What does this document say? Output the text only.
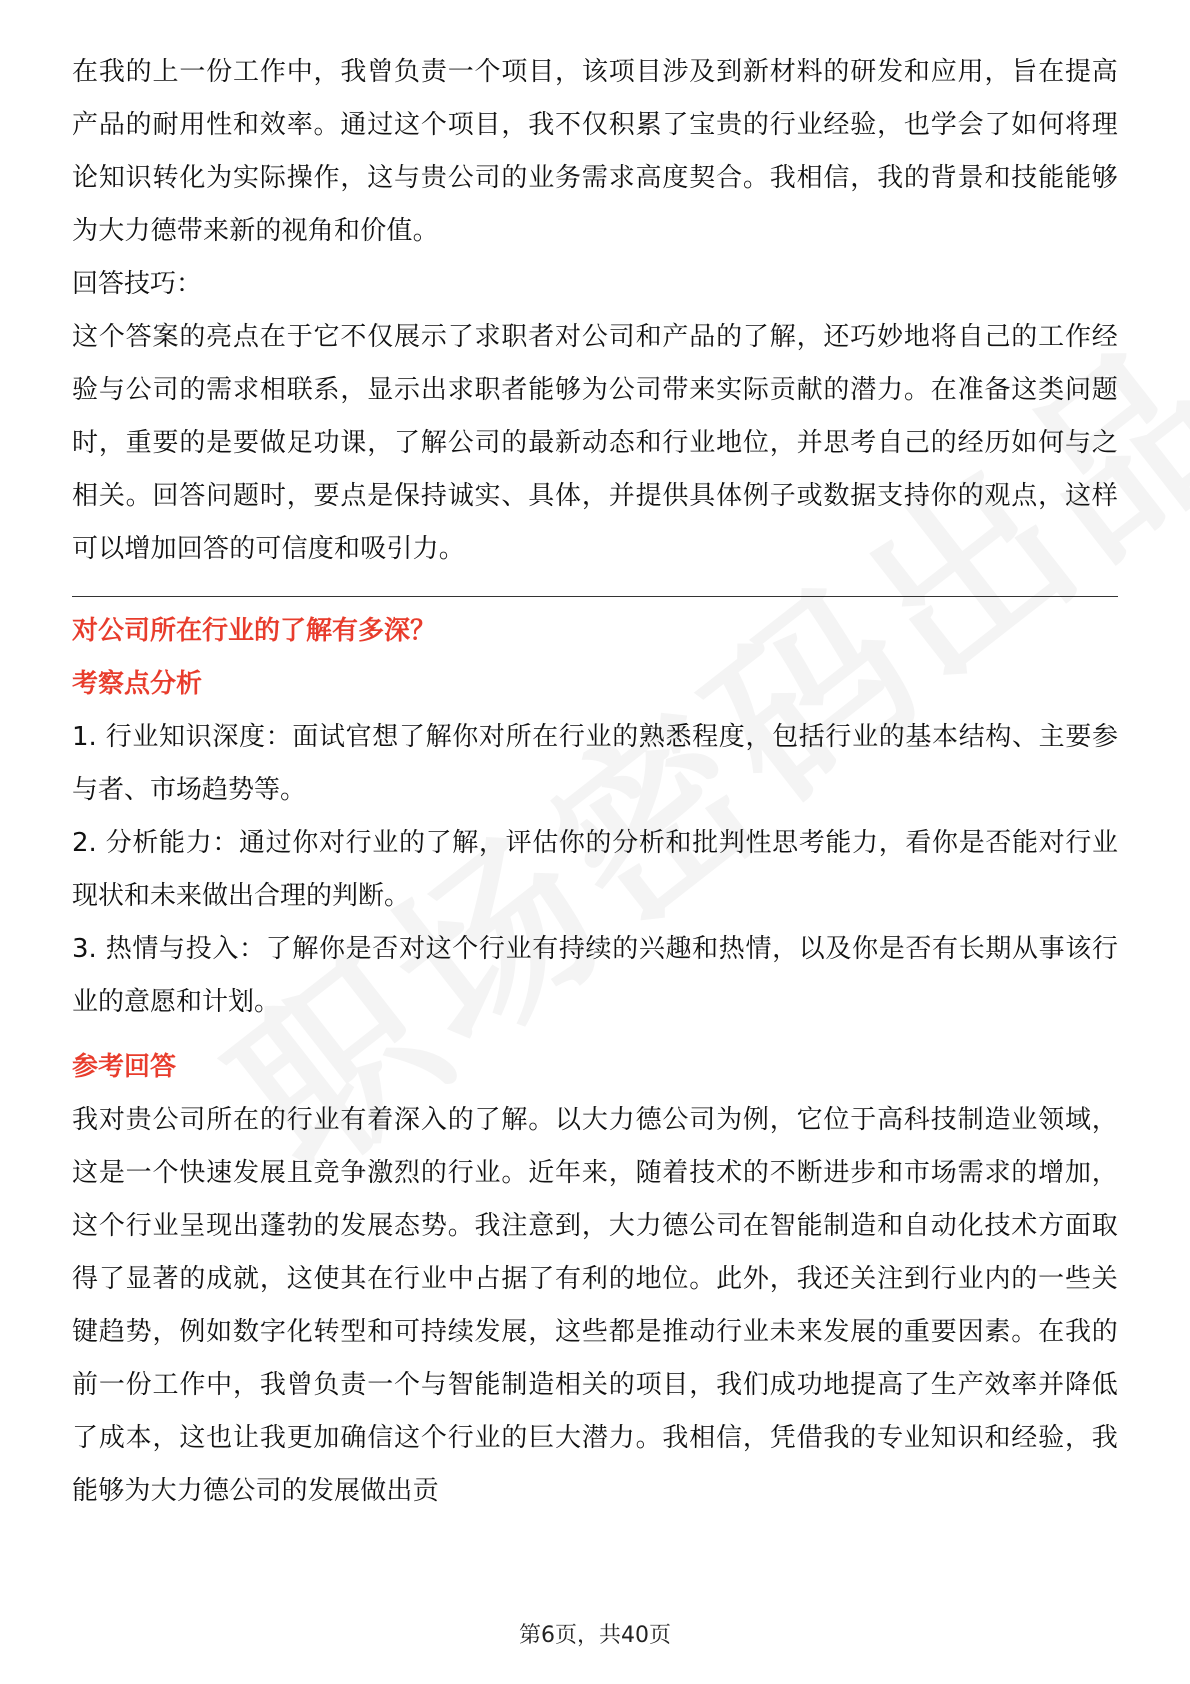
在我的上一份工作中，我曾负责一个项目，该项目涉及到新材料的研发和应用，旨在提高产品的耐用性和效率。通过这个项目，我不仅积累了宝贵的行业经验，也学会了如何将理论知识转化为实际操作，这与贵公司的业务需求高度契合。我相信，我的背景和技能能够为大力德带来新的视角和价值。

回答技巧：

这个答案的亮点在于它不仅展示了求职者对公司和产品的了解，还巧妙地将自己的工作经验与公司的需求相联系，显示出求职者能够为公司带来实际贡献的潜力。在准备这类问题时，重要的是要做足功课，了解公司的最新动态和行业地位，并思考自己的经历如何与之相关。回答问题时，要点是保持诚实、具体，并提供具体例子或数据支持你的观点，这样可以增加回答的可信度和吸引力。

对公司所在行业的了解有多深？

考察点分析

1. 行业知识深度：面试官想了解你对所在行业的熟悉程度，包括行业的基本结构、主要参与者、市场趋势等。

2. 分析能力：通过你对行业的了解，评估你的分析和批判性思考能力，看你是否能对行业现状和未来做出合理的判断。

3. 热情与投入：了解你是否对这个行业有持续的兴趣和热情，以及你是否有长期从事该行业的意愿和计划。

参考回答

我对贵公司所在的行业有着深入的了解。以大力德公司为例，它位于高科技制造业领域，这是一个快速发展且竞争激烈的行业。近年来，随着技术的不断进步和市场需求的增加，这个行业呈现出蓬勃的发展态势。我注意到，大力德公司在智能制造和自动化技术方面取得了显著的成就，这使其在行业中占据了有利的地位。此外，我还关注到行业内的一些关键趋势，例如数字化转型和可持续发展，这些都是推动行业未来发展的重要因素。在我的前一份工作中，我曾负责一个与智能制造相关的项目，我们成功地提高了生产效率并降低了成本，这也让我更加确信这个行业的巨大潜力。我相信，凭借我的专业知识和经验，我能够为大力德公司的发展做出贡

第6页，共40页
